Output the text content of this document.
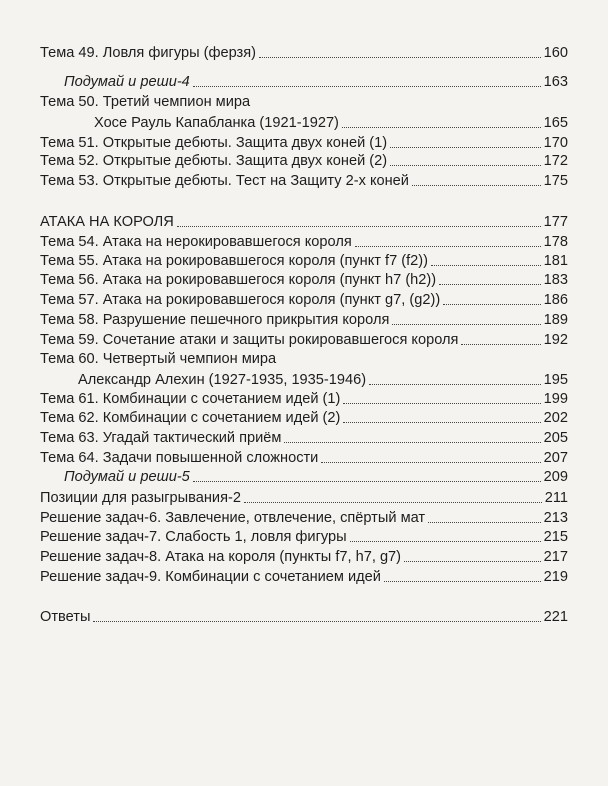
Тема 49. Ловля фигуры (ферзя)	160
Подумай и реши-4	163
Тема 50. Третий чемпион мира
Хосе Рауль Капабланка (1921-1927)	165
Тема 51. Открытые дебюты. Защита двух коней (1)	170
Тема 52. Открытые дебюты. Защита двух коней (2)	172
Тема 53. Открытые дебюты. Тест на Защиту 2-х коней	175
АТАКА НА КОРОЛЯ	177
Тема 54. Атака на нерокировавшегося короля	178
Тема 55. Атака на рокировавшегося короля (пункт f7 (f2))	181
Тема 56. Атака на рокировавшегося короля (пункт h7 (h2))	183
Тема 57. Атака на рокировавшегося короля (пункт g7, (g2))	186
Тема 58. Разрушение пешечного прикрытия короля	189
Тема 59. Сочетание атаки и защиты рокировавшегося короля	192
Тема 60. Четвертый чемпион мира
Александр Алехин (1927-1935, 1935-1946)	195
Тема 61. Комбинации с сочетанием идей (1)	199
Тема 62. Комбинации с сочетанием идей (2)	202
Тема 63. Угадай тактический приём	205
Тема 64. Задачи повышенной сложности	207
Подумай и реши-5	209
Позиции для разыгрывания-2	211
Решение задач-6. Завлечение, отвлечение, спёртый мат	213
Решение задач-7. Слабость 1, ловля фигуры	215
Решение задач-8. Атака на короля (пункты f7, h7, g7)	217
Решение задач-9. Комбинации с сочетанием идей	219
Ответы	221
